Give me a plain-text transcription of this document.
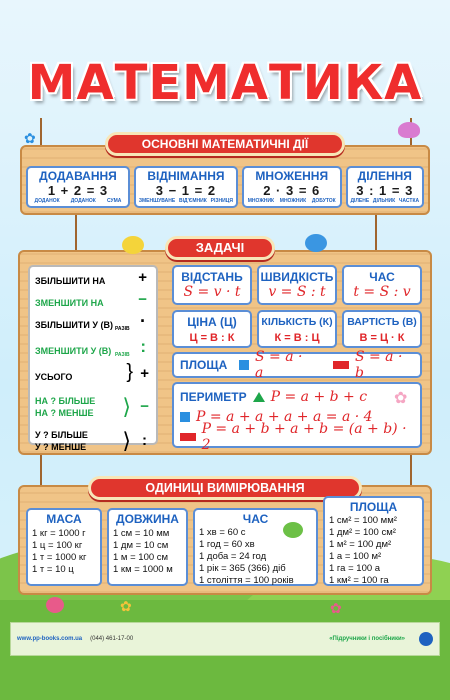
МАТЕМАТИКА
ОСНОВНІ МАТЕМАТИЧНІ ДІЇ
ДОДАВАННЯ
1 + 2 = 3
ДОДАНОК ДОДАНОК СУМА
ВІДНІМАННЯ
3 − 1 = 2
ЗМЕНШУВАНЕ ВІД'ЄМНИК РІЗНИЦЯ
МНОЖЕННЯ
2 · 3 = 6
МНОЖНИК МНОЖНИК ДОБУТОК
ДІЛЕННЯ
3 : 1 = 3
ДІЛЕНЕ ДІЛЬНИК ЧАСТКА
ЗАДАЧІ
ЗБІЛЬШИТИ НА +
ЗМЕНШИТИ НА −
ЗБІЛЬШИТИ У (В) РАЗІВ ·
ЗМЕНШИТИ У (В) РАЗІВ :
УСЬОГО	} +
НА ? БІЛЬШЕ
НА ? МЕНШЕ	⟩ −
У ? БІЛЬШЕ
У ? МЕНШЕ	⟩ :
ВІДСТАНЬ
S = v · t
ШВИДКІСТЬ
v = S : t
ЧАС
t = S : v
ЦІНА (Ц)
Ц = В : К
КІЛЬКІСТЬ (К)
К = В : Ц
ВАРТІСТЬ (В)
В = Ц · К
ПЛОЩА S = a · a
S = a · b
ПЕРИМЕТР P = a + b + c
P = a + a + a + a = a · 4
P = a + b + a + b = (a + b) · 2
ОДИНИЦІ ВИМІРЮВАННЯ
МАСА
1 кг = 1000 г
1 ц = 100 кг
1 т = 1000 кг
1 т = 10 ц
ДОВЖИНА
1 см = 10 мм
1 дм = 10 см
1 м = 100 см
1 км = 1000 м
ЧАС
1 хв = 60 с
1 год = 60 хв
1 доба = 24 год
1 рік = 365 (366) діб
1 століття = 100 років
ПЛОЩА
1 см² = 100 мм²
1 дм² = 100 см²
1 м² = 100 дм²
1 а = 100 м²
1 га = 100 а
1 км² = 100 га
✿
✿
✿	✿
www.pp-books.com.ua (044) 461-17-00	«Підручники і посібники»
